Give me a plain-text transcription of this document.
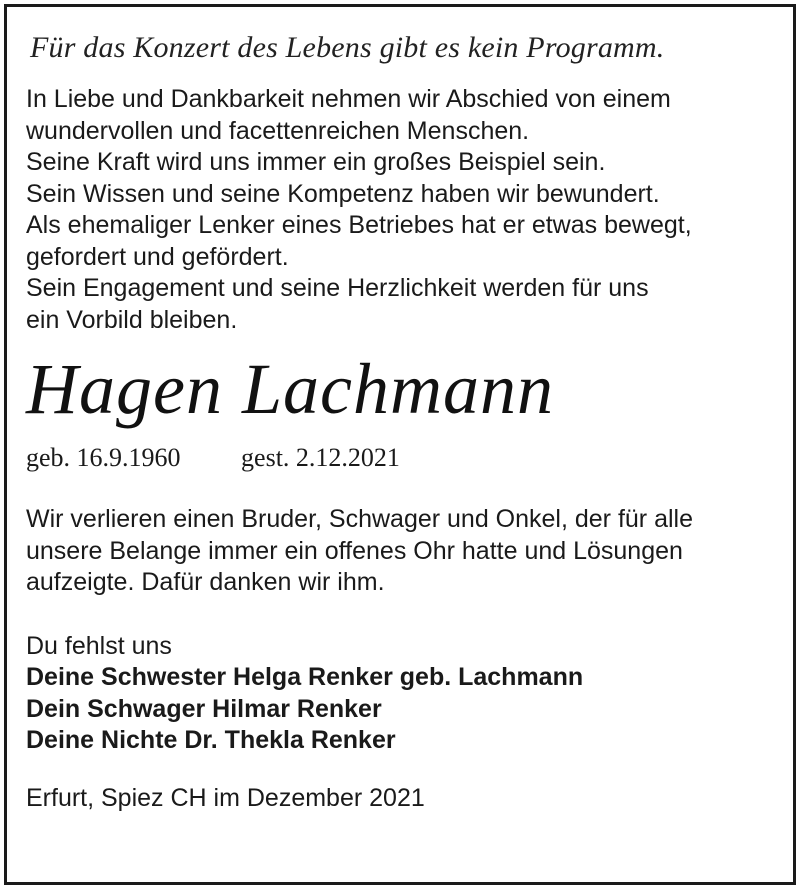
Für das Konzert des Lebens gibt es kein Programm.
In Liebe und Dankbarkeit nehmen wir Abschied von einem
wundervollen und facettenreichen Menschen.
Seine Kraft wird uns immer ein großes Beispiel sein.
Sein Wissen und seine Kompetenz haben wir bewundert.
Als ehemaliger Lenker eines Betriebes hat er etwas bewegt,
gefordert und gefördert.
Sein Engagement und seine Herzlichkeit werden für uns
ein Vorbild bleiben.
Hagen Lachmann
geb. 16.9.1960 gest. 2.12.2021
Wir verlieren einen Bruder, Schwager und Onkel, der für alle
unsere Belange immer ein offenes Ohr hatte und Lösungen
aufzeigte. Dafür danken wir ihm.
Du fehlst uns
Deine Schwester Helga Renker geb. Lachmann
Dein Schwager Hilmar Renker
Deine Nichte Dr. Thekla Renker
Erfurt, Spiez CH im Dezember 2021
